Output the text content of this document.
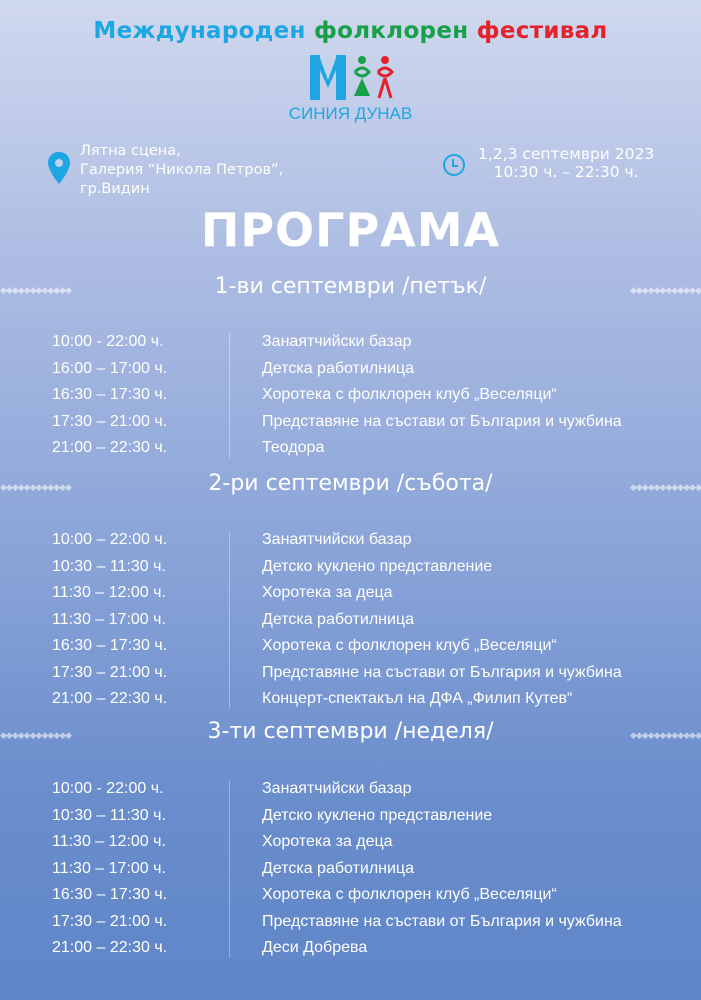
Международен фолклорен фестивал
СИНИЯ ДУНАВ
Лятна сцена,
Галерия “Никола Петров”,
гр.Видин
1,2,3 септември 2023
10:30 ч. – 22:30 ч.
ПРОГРАМА
◆◆◆◆◆◆◆◆◆◆◆◆	1-ви септември /петък/	◆◆◆◆◆◆◆◆◆◆◆◆
10:00 - 22:00 ч.	Занаятчийски базар
16:00 – 17:00 ч.	Детска работилница
16:30 – 17:30 ч.	Хоротека с фолклорен клуб „Веселяци“
17:30 – 21:00 ч.	Представяне на състави от България и чужбина
21:00 – 22:30 ч.	Теодора
◆◆◆◆◆◆◆◆◆◆◆◆	2-ри септември /събота/	◆◆◆◆◆◆◆◆◆◆◆◆
10:00 – 22:00 ч.	Занаятчийски базар
10:30 – 11:30 ч.	Детско куклено представление
11:30 – 12:00 ч.	Хоротека за деца
11:30 – 17:00 ч.	Детска работилница
16:30 – 17:30 ч.	Хоротека с фолклорен клуб „Веселяци“
17:30 – 21:00 ч.	Представяне на състави от България и чужбина
21:00 – 22:30 ч.	Концерт-спектакъл на ДФА „Филип Кутев“
◆◆◆◆◆◆◆◆◆◆◆◆	3-ти септември /неделя/	◆◆◆◆◆◆◆◆◆◆◆◆
10:00 - 22:00 ч.	Занаятчийски базар
10:30 – 11:30 ч.	Детско куклено представление
11:30 – 12:00 ч.	Хоротека за деца
11:30 – 17:00 ч.	Детска работилница
16:30 – 17:30 ч.	Хоротека с фолклорен клуб „Веселяци“
17:30 – 21:00 ч.	Представяне на състави от България и чужбина
21:00 – 22:30 ч.	Деси Добрева
